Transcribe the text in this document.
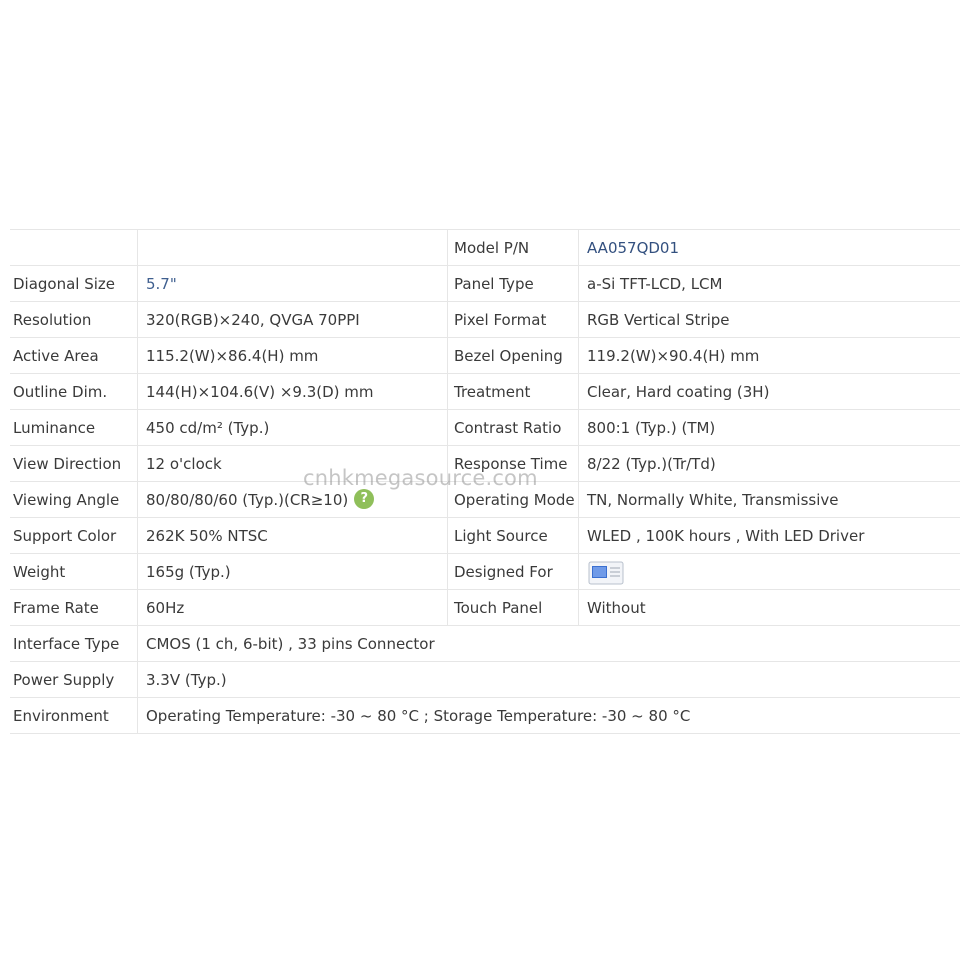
		Model P/N	AA057QD01
Diagonal Size	5.7"	Panel Type	a-Si TFT-LCD, LCM
Resolution	320(RGB)×240, QVGA 70PPI	Pixel Format	RGB Vertical Stripe
Active Area	115.2(W)×86.4(H) mm	Bezel Opening	119.2(W)×90.4(H) mm
Outline Dim.	144(H)×104.6(V) ×9.3(D) mm	Treatment	Clear, Hard coating (3H)
Luminance	450 cd/m² (Typ.)	Contrast Ratio	800:1 (Typ.) (TM)
View Direction	12 o'clock	Response Time	8/22 (Typ.)(Tr/Td)
Viewing Angle	80/80/80/60 (Typ.)(CR≥10)?	Operating Mode	TN, Normally White, Transmissive
Support Color	262K 50% NTSC	Light Source	WLED , 100K hours , With LED Driver
Weight	165g (Typ.)	Designed For	
Frame Rate	60Hz	Touch Panel	Without
Interface Type	CMOS (1 ch, 6-bit) , 33 pins Connector		
Power Supply	3.3V (Typ.)		
Environment	Operating Temperature: -30 ~ 80 °C ; Storage Temperature: -30 ~ 80 °C		
cnhkmegasource.com
